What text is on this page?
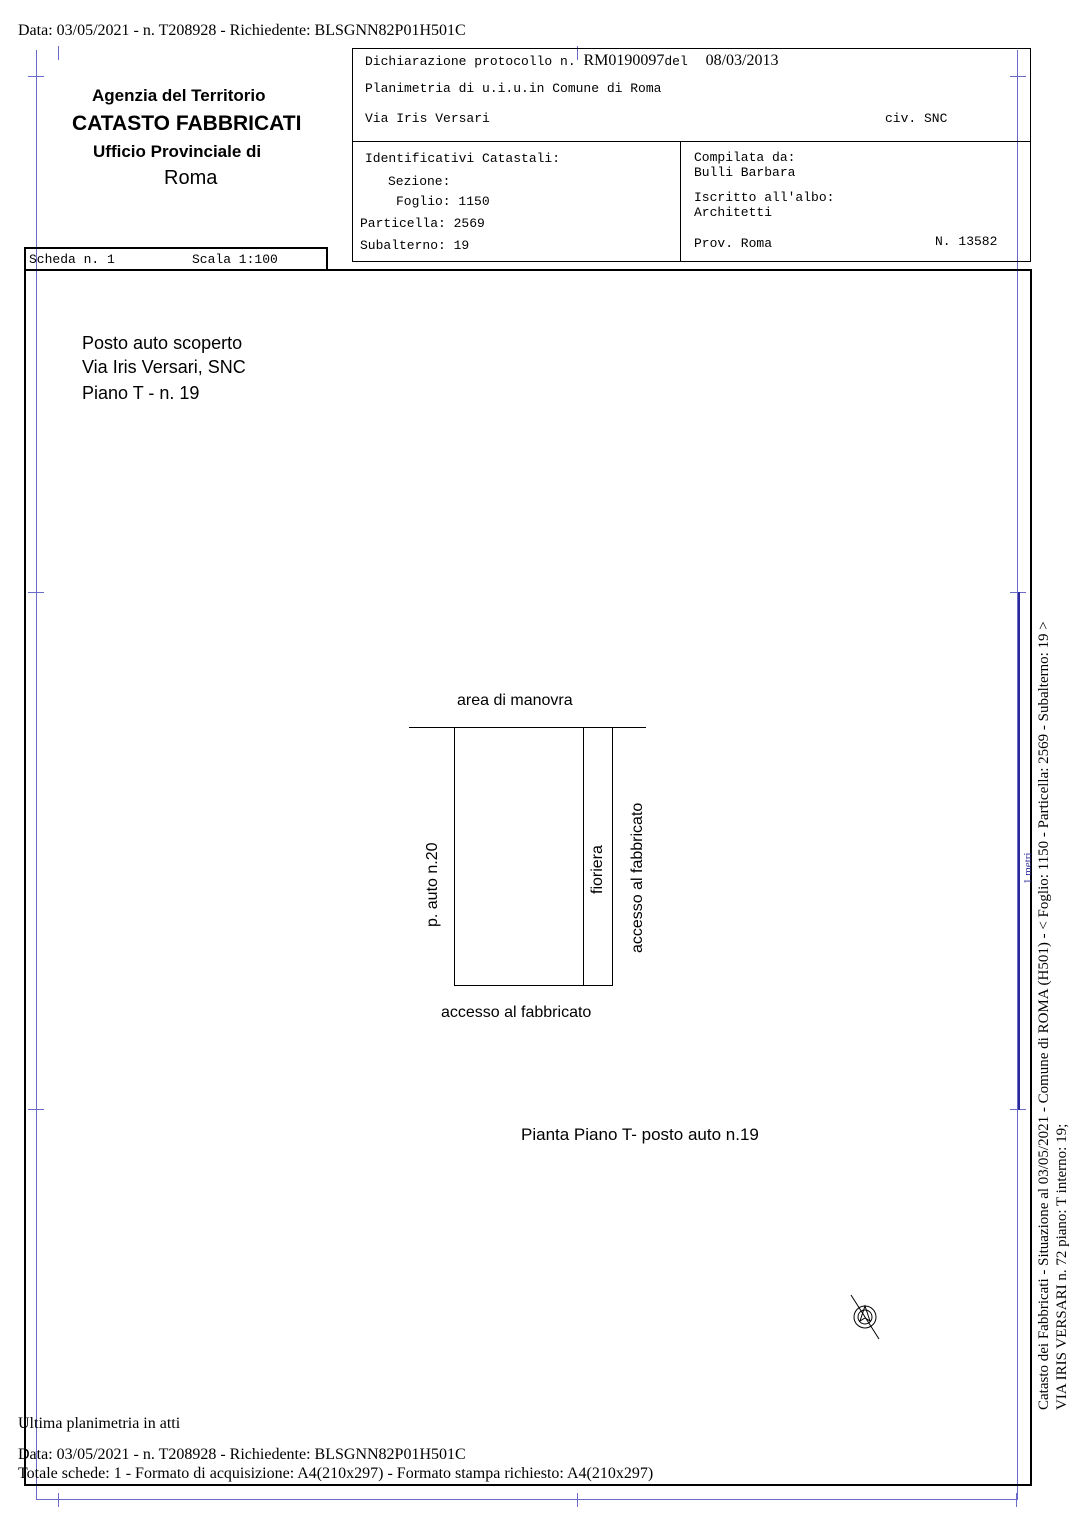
Data: 03/05/2021 - n. T208928 - Richiedente: BLSGNN82P01H501C
Agenzia del Territorio
CATASTO FABBRICATI
Ufficio Provinciale di
Roma
Dichiarazione protocollo n. RM0190097del 08/03/2013
Planimetria di u.i.u.in Comune di Roma
Via Iris Versari	civ. SNC
Identificativi Catastali:
Sezione:
Foglio: 1150
Particella: 2569
Subalterno: 19
Compilata da:
Bulli Barbara
Iscritto all'albo:
Architetti
Prov. Roma	N. 13582
Scheda n. 1	Scala 1:100
Posto auto scoperto
Via Iris Versari, SNC
Piano T - n. 19
area di manovra
p. auto n.20	fioriera accesso al fabbricato
accesso al fabbricato
Pianta Piano T- posto auto n.19
1 metri Catasto dei Fabbricati - Situazione al 03/05/2021 - Comune di ROMA (H501) - < Foglio: 1150 - Particella: 2569 - Subalterno: 19 > VIA IRIS VERSARI n. 72 piano: T interno: 19;
Ultima planimetria in atti
Data: 03/05/2021 - n. T208928 - Richiedente: BLSGNN82P01H501C
Totale schede: 1 - Formato di acquisizione: A4(210x297) - Formato stampa richiesto: A4(210x297)
